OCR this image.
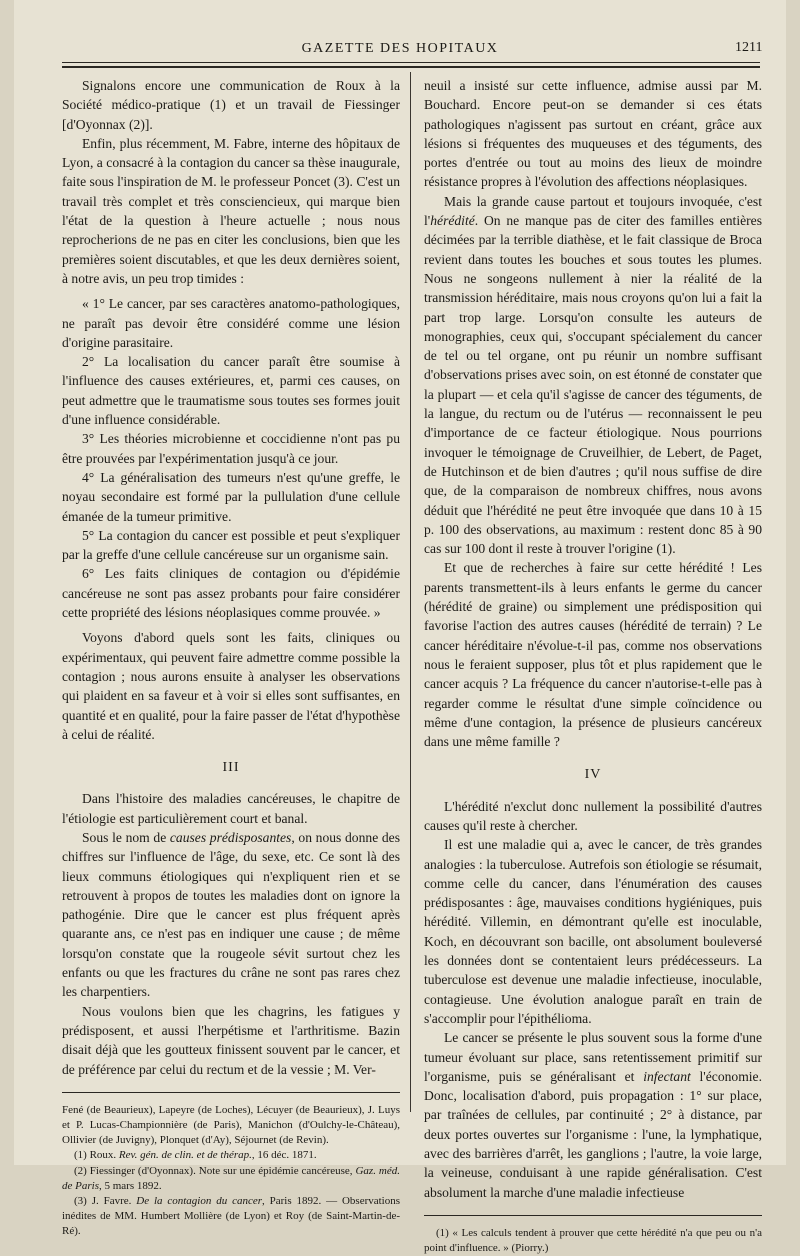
GAZETTE DES HOPITAUX	1211

Signalons encore une communication de Roux à la Société médico-pratique (1) et un travail de Fiessinger [d'Oyonnax (2)].

Enfin, plus récemment, M. Fabre, interne des hôpitaux de Lyon, a consacré à la contagion du cancer sa thèse inaugurale, faite sous l'inspiration de M. le professeur Poncet (3). C'est un travail très complet et très consciencieux, qui marque bien l'état de la question à l'heure actuelle ; nous nous reprocherions de ne pas en citer les conclusions, bien que les premières soient discutables, et que les deux dernières soient, à notre avis, un peu trop timides :

« 1° Le cancer, par ses caractères anatomo-pathologiques, ne paraît pas devoir être considéré comme une lésion d'origine parasitaire.

2° La localisation du cancer paraît être soumise à l'influence des causes extérieures, et, parmi ces causes, on peut admettre que le traumatisme sous toutes ses formes jouit d'une influence considérable.

3° Les théories microbienne et coccidienne n'ont pas pu être prouvées par l'expérimentation jusqu'à ce jour.

4° La généralisation des tumeurs n'est qu'une greffe, le noyau secondaire est formé par la pullulation d'une cellule émanée de la tumeur primitive.

5° La contagion du cancer est possible et peut s'expliquer par la greffe d'une cellule cancéreuse sur un organisme sain.

6° Les faits cliniques de contagion ou d'épidémie cancéreuse ne sont pas assez probants pour faire considérer cette propriété des lésions néoplasiques comme prouvée. »

Voyons d'abord quels sont les faits, cliniques ou expérimentaux, qui peuvent faire admettre comme possible la contagion ; nous aurons ensuite à analyser les observations qui plaident en sa faveur et à voir si elles sont suffisantes, en quantité et en qualité, pour la faire passer de l'état d'hypothèse à celui de réalité.

III

Dans l'histoire des maladies cancéreuses, le chapitre de l'étiologie est particulièrement court et banal.

Sous le nom de causes prédisposantes, on nous donne des chiffres sur l'influence de l'âge, du sexe, etc. Ce sont là des lieux communs étiologiques qui n'expliquent rien et se retrouvent à propos de toutes les maladies dont on ignore la pathogénie. Dire que le cancer est plus fréquent après quarante ans, ce n'est pas en indiquer une cause ; de même lorsqu'on constate que la rougeole sévit surtout chez les enfants ou que les fractures du crâne ne sont pas rares chez les charpentiers.

Nous voulons bien que les chagrins, les fatigues y prédisposent, et aussi l'herpétisme et l'arthritisme. Bazin disait déjà que les goutteux finissent souvent par le cancer, et de préférence par celui du rectum et de la vessie ; M. Ver-

Fené (de Beaurieux), Lapeyre (de Loches), Lécuyer (de Beaurieux), J. Luys et P. Lucas-Championnière (de Paris), Manichon (d'Oulchy-le-Château), Ollivier (de Juvigny), Plonquet (d'Ay), Séjournet (de Revin).

(1) Roux. Rev. gén. de clin. et de thérap., 16 déc. 1871.

(2) Fiessinger (d'Oyonnax). Note sur une épidémie cancéreuse, Gaz. méd. de Paris, 5 mars 1892.

(3) J. Favre. De la contagion du cancer, Paris 1892. — Observations inédites de MM. Humbert Mollière (de Lyon) et Roy (de Saint-Martin-de-Ré).

neuil a insisté sur cette influence, admise aussi par M. Bouchard. Encore peut-on se demander si ces états pathologiques n'agissent pas surtout en créant, grâce aux lésions si fréquentes des muqueuses et des téguments, des portes d'entrée ou tout au moins des lieux de moindre résistance propres à l'évolution des affections néoplasiques.

Mais la grande cause partout et toujours invoquée, c'est l'hérédité. On ne manque pas de citer des familles entières décimées par la terrible diathèse, et le fait classique de Broca revient dans toutes les bouches et sous toutes les plumes. Nous ne songeons nullement à nier la réalité de la transmission héréditaire, mais nous croyons qu'on lui a fait la part trop large. Lorsqu'on consulte les auteurs de monographies, ceux qui, s'occupant spécialement du cancer de tel ou tel organe, ont pu réunir un nombre suffisant d'observations prises avec soin, on est étonné de constater que la plupart — et cela qu'il s'agisse de cancer des téguments, de la langue, du rectum ou de l'utérus — reconnaissent le peu d'importance de ce facteur étiologique. Nous pourrions invoquer le témoignage de Cruveilhier, de Lebert, de Paget, de Hutchinson et de bien d'autres ; qu'il nous suffise de dire que, de la comparaison de nombreux chiffres, nous avons déduit que l'hérédité ne peut être invoquée que dans 10 à 15 p. 100 des observations, au maximum : restent donc 85 à 90 cas sur 100 dont il reste à trouver l'origine (1).

Et que de recherches à faire sur cette hérédité ! Les parents transmettent-ils à leurs enfants le germe du cancer (hérédité de graine) ou simplement une prédisposition qui favorise l'action des autres causes (hérédité de terrain) ? Le cancer héréditaire n'évolue-t-il pas, comme nos observations nous le feraient supposer, plus tôt et plus rapidement que le cancer acquis ? La fréquence du cancer n'autorise-t-elle pas à regarder comme le résultat d'une simple coïncidence ou même d'une contagion, la présence de plusieurs cancéreux dans une même famille ?

IV

L'hérédité n'exclut donc nullement la possibilité d'autres causes qu'il reste à chercher.

Il est une maladie qui a, avec le cancer, de très grandes analogies : la tuberculose. Autrefois son étiologie se résumait, comme celle du cancer, dans l'énumération des causes prédisposantes : âge, mauvaises conditions hygiéniques, puis hérédité. Villemin, en démontrant qu'elle est inoculable, Koch, en découvrant son bacille, ont absolument bouleversé les données dont se contentaient leurs prédécesseurs. La tuberculose est devenue une maladie infectieuse, inoculable, contagieuse. Une évolution analogue paraît en train de s'accomplir pour l'épithélioma.

Le cancer se présente le plus souvent sous la forme d'une tumeur évoluant sur place, sans retentissement primitif sur l'organisme, puis se généralisant et infectant l'économie. Donc, localisation d'abord, puis propagation : 1° sur place, par traînées de cellules, par continuité ; 2° à distance, par deux portes ouvertes sur l'organisme : l'une, la lymphatique, avec des barrières d'arrêt, les ganglions ; l'autre, la voie large, la veineuse, conduisant à une rapide généralisation. C'est absolument la marche d'une maladie infectieuse

(1) « Les calculs tendent à prouver que cette hérédité n'a que peu ou n'a point d'influence. » (Piorry.)
